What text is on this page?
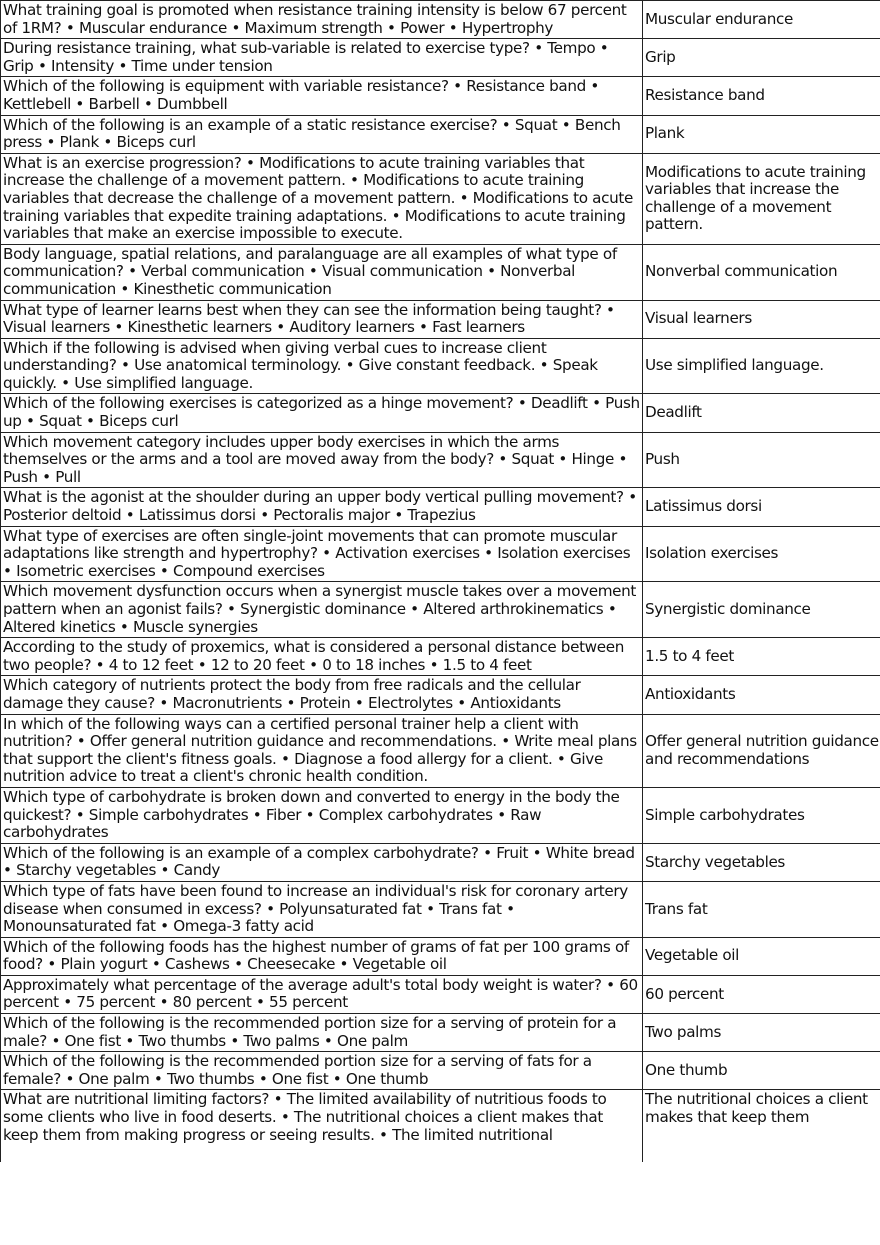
What training goal is promoted when resistance training intensity is below 67 percent of 1RM? • Muscular endurance • Maximum strength • Power • Hypertrophy	Muscular endurance
During resistance training, what sub-variable is related to exercise type? • Tempo • Grip • Intensity • Time under tension	Grip
Which of the following is equipment with variable resistance? • Resistance band • Kettlebell • Barbell • Dumbbell	Resistance band
Which of the following is an example of a static resistance exercise? • Squat • Bench press • Plank • Biceps curl	Plank
What is an exercise progression? • Modifications to acute training variables that increase the challenge of a movement pattern. • Modifications to acute training variables that decrease the challenge of a movement pattern. • Modifications to acute training variables that expedite training adaptations. • Modifications to acute training variables that make an exercise impossible to execute.	Modifications to acute training variables that increase the challenge of a movement pattern.
Body language, spatial relations, and paralanguage are all examples of what type of communication? • Verbal communication • Visual communication • Nonverbal communication • Kinesthetic communication	Nonverbal communication
What type of learner learns best when they can see the information being taught? • Visual learners • Kinesthetic learners • Auditory learners • Fast learners	Visual learners
Which if the following is advised when giving verbal cues to increase client understanding? • Use anatomical terminology. • Give constant feedback. • Speak quickly. • Use simplified language.	Use simplified language.
Which of the following exercises is categorized as a hinge movement? • Deadlift • Push up • Squat • Biceps curl	Deadlift
Which movement category includes upper body exercises in which the arms themselves or the arms and a tool are moved away from the body? • Squat • Hinge • Push • Pull	Push
What is the agonist at the shoulder during an upper body vertical pulling movement? • Posterior deltoid • Latissimus dorsi • Pectoralis major • Trapezius	Latissimus dorsi
What type of exercises are often single-joint movements that can promote muscular adaptations like strength and hypertrophy? • Activation exercises • Isolation exercises • Isometric exercises • Compound exercises	Isolation exercises
Which movement dysfunction occurs when a synergist muscle takes over a movement pattern when an agonist fails? • Synergistic dominance • Altered arthrokinematics • Altered kinetics • Muscle synergies	Synergistic dominance
According to the study of proxemics, what is considered a personal distance between two people? • 4 to 12 feet • 12 to 20 feet • 0 to 18 inches • 1.5 to 4 feet	1.5 to 4 feet
Which category of nutrients protect the body from free radicals and the cellular damage they cause? • Macronutrients • Protein • Electrolytes • Antioxidants	Antioxidants
In which of the following ways can a certified personal trainer help a client with nutrition? • Offer general nutrition guidance and recommendations. • Write meal plans that support the client's fitness goals. • Diagnose a food allergy for a client. • Give nutrition advice to treat a client's chronic health condition.	Offer general nutrition guidance and recommendations
Which type of carbohydrate is broken down and converted to energy in the body the quickest? • Simple carbohydrates • Fiber • Complex carbohydrates • Raw carbohydrates	Simple carbohydrates
Which of the following is an example of a complex carbohydrate? • Fruit • White bread • Starchy vegetables • Candy	Starchy vegetables
Which type of fats have been found to increase an individual's risk for coronary artery disease when consumed in excess? • Polyunsaturated fat • Trans fat • Monounsaturated fat • Omega-3 fatty acid	Trans fat
Which of the following foods has the highest number of grams of fat per 100 grams of food? • Plain yogurt • Cashews • Cheesecake • Vegetable oil	Vegetable oil
Approximately what percentage of the average adult's total body weight is water? • 60 percent • 75 percent • 80 percent • 55 percent	60 percent
Which of the following is the recommended portion size for a serving of protein for a male? • One fist • Two thumbs • Two palms • One palm	Two palms
Which of the following is the recommended portion size for a serving of fats for a female? • One palm • Two thumbs • One fist • One thumb	One thumb
What are nutritional limiting factors? • The limited availability of nutritious foods to some clients who live in food deserts. • The nutritional choices a client makes that keep them from making progress or seeing results. • The limited nutritional	The nutritional choices a client makes that keep them
